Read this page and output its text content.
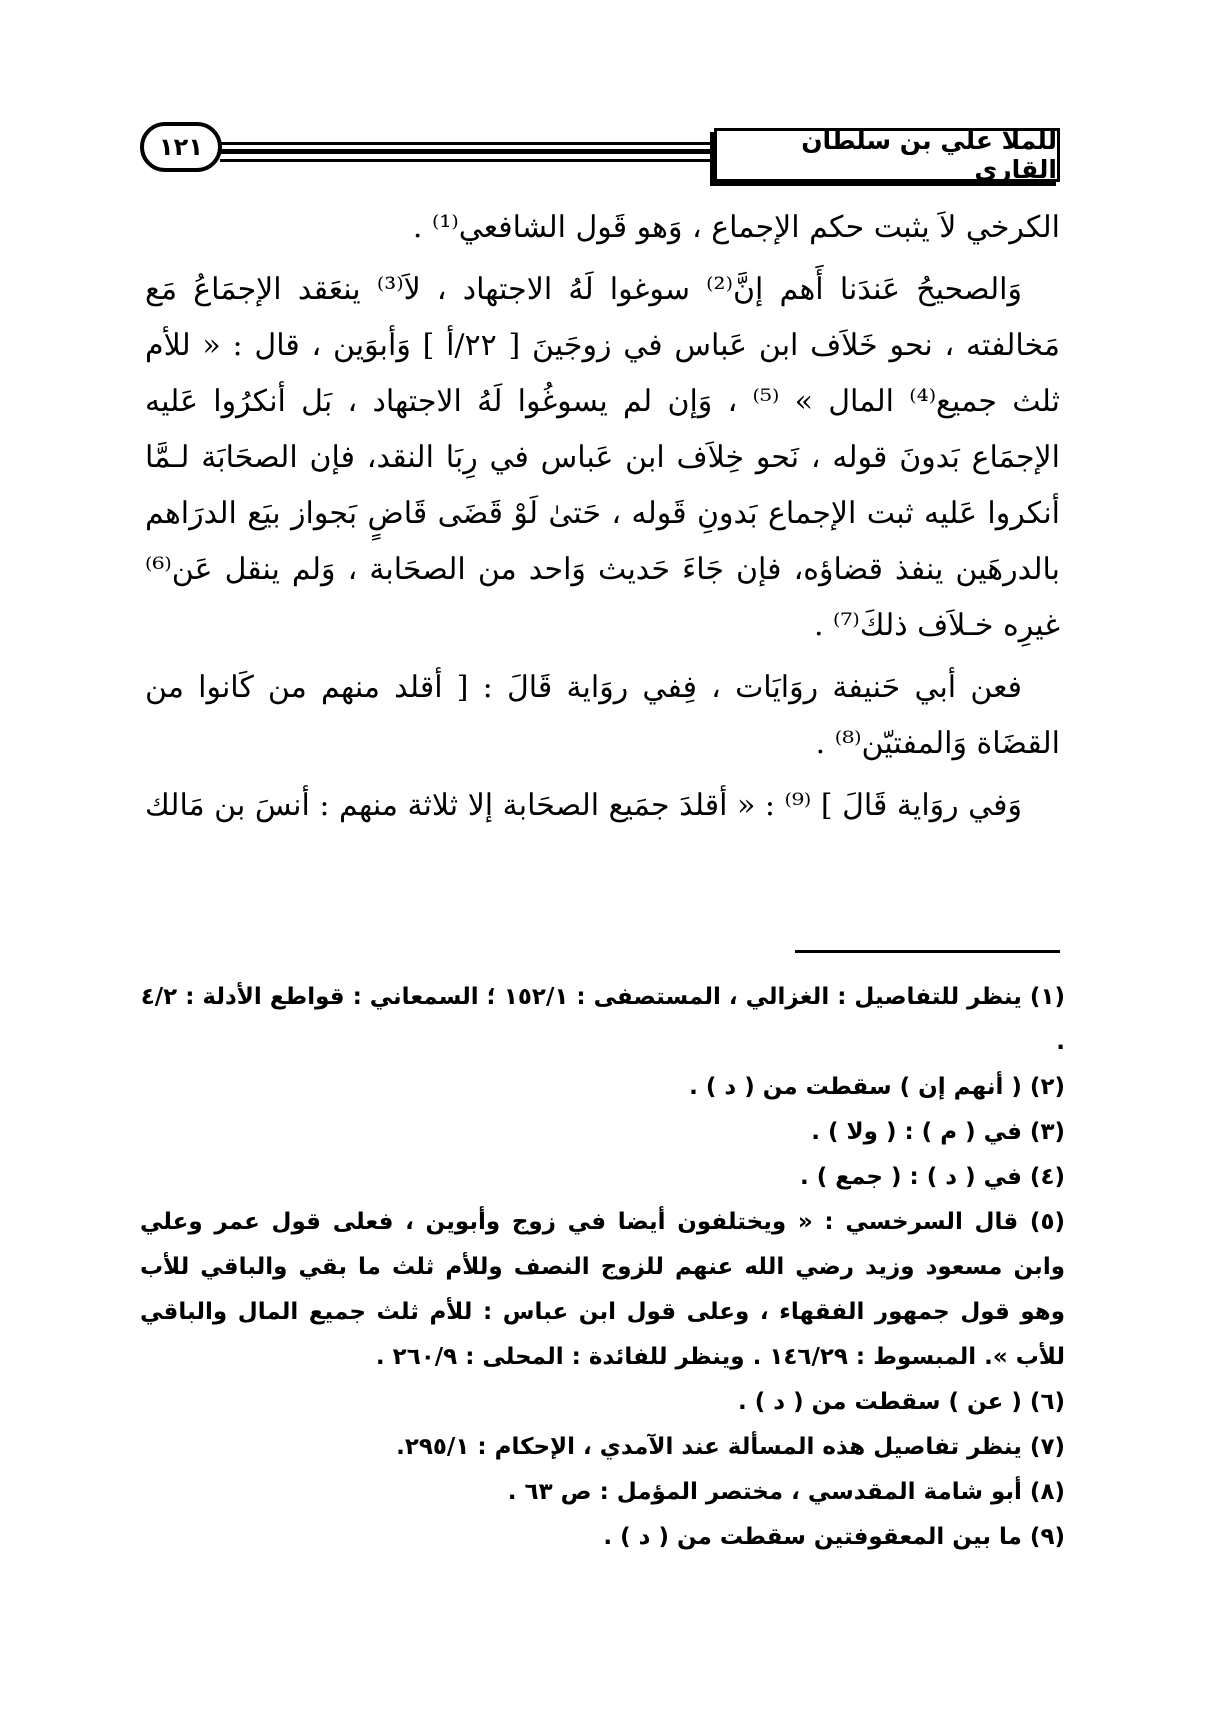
١٢١	للملا علي بن سلطان القاري

الكرخي لاَ يثبت حكم الإجماع ، وَهو قَول الشافعي⁽¹⁾ .

وَالصحيحُ عَندَنا أَهم إنَّ⁽²⁾ سوغوا لَهُ الاجتهاد ، لاَ⁽³⁾ ينعَقد الإجمَاعُ مَع مَخالفته ، نحو خَلاَف ابن عَباس في زوجَينَ [ ٢٢/أ ] وَأبوَين ، قال : « للأم ثلث جميع⁽⁴⁾ المال » ⁽⁵⁾ ، وَإن لم يسوغُوا لَهُ الاجتهاد ، بَل أنكرُوا عَليه الإجمَاع بَدونَ قوله ، نَحو خِلاَف ابن عَباس في رِبَا النقد، فإن الصحَابَة لـمَّا أنكروا عَليه ثبت الإجماع بَدونِ قَوله ، حَتىٰ لَوْ قَضَى قَاضٍ بَجواز بيَع الدرَاهم بالدرهَين ينفذ قضاؤه، فإن جَاءَ حَديث وَاحد من الصحَابة ، وَلم ينقل عَن⁽⁶⁾ غيرِه خـلاَف ذلكَ⁽⁷⁾ .

فعن أبي حَنيفة روَايَات ، فِفي روَاية قَالَ : [ أقلد منهم من كَانوا من القضَاة وَالمفتيّن⁽⁸⁾ .

وَفي روَاية قَالَ ] ⁽⁹⁾ : « أقلدَ جمَيع الصحَابة إلا ثلاثة منهم : أنسَ بن مَالك

(١) ينظر للتفاصيل : الغزالي ، المستصفى : ١٥٢/١ ؛ السمعاني : قواطع الأدلة : ٤/٢ .

(٢) ( أنهم إن ) سقطت من ( د ) .

(٣) في ( م ) : ( ولا ) .

(٤) في ( د ) : ( جمع ) .

(٥) قال السرخسي : « ويختلفون أيضا في زوج وأبوين ، فعلى قول عمر وعلي وابن مسعود وزيد رضي الله عنهم للزوج النصف وللأم ثلث ما بقي والباقي للأب وهو قول جمهور الفقهاء ، وعلى قول ابن عباس : للأم ثلث جميع المال والباقي للأب ». المبسوط : ١٤٦/٢٩ . وينظر للفائدة : المحلى : ٢٦٠/٩ .

(٦) ( عن ) سقطت من ( د ) .

(٧) ينظر تفاصيل هذه المسألة عند الآمدي ، الإحكام : ٢٩٥/١.

(٨) أبو شامة المقدسي ، مختصر المؤمل : ص ٦٣ .

(٩) ما بين المعقوفتين سقطت من ( د ) .
